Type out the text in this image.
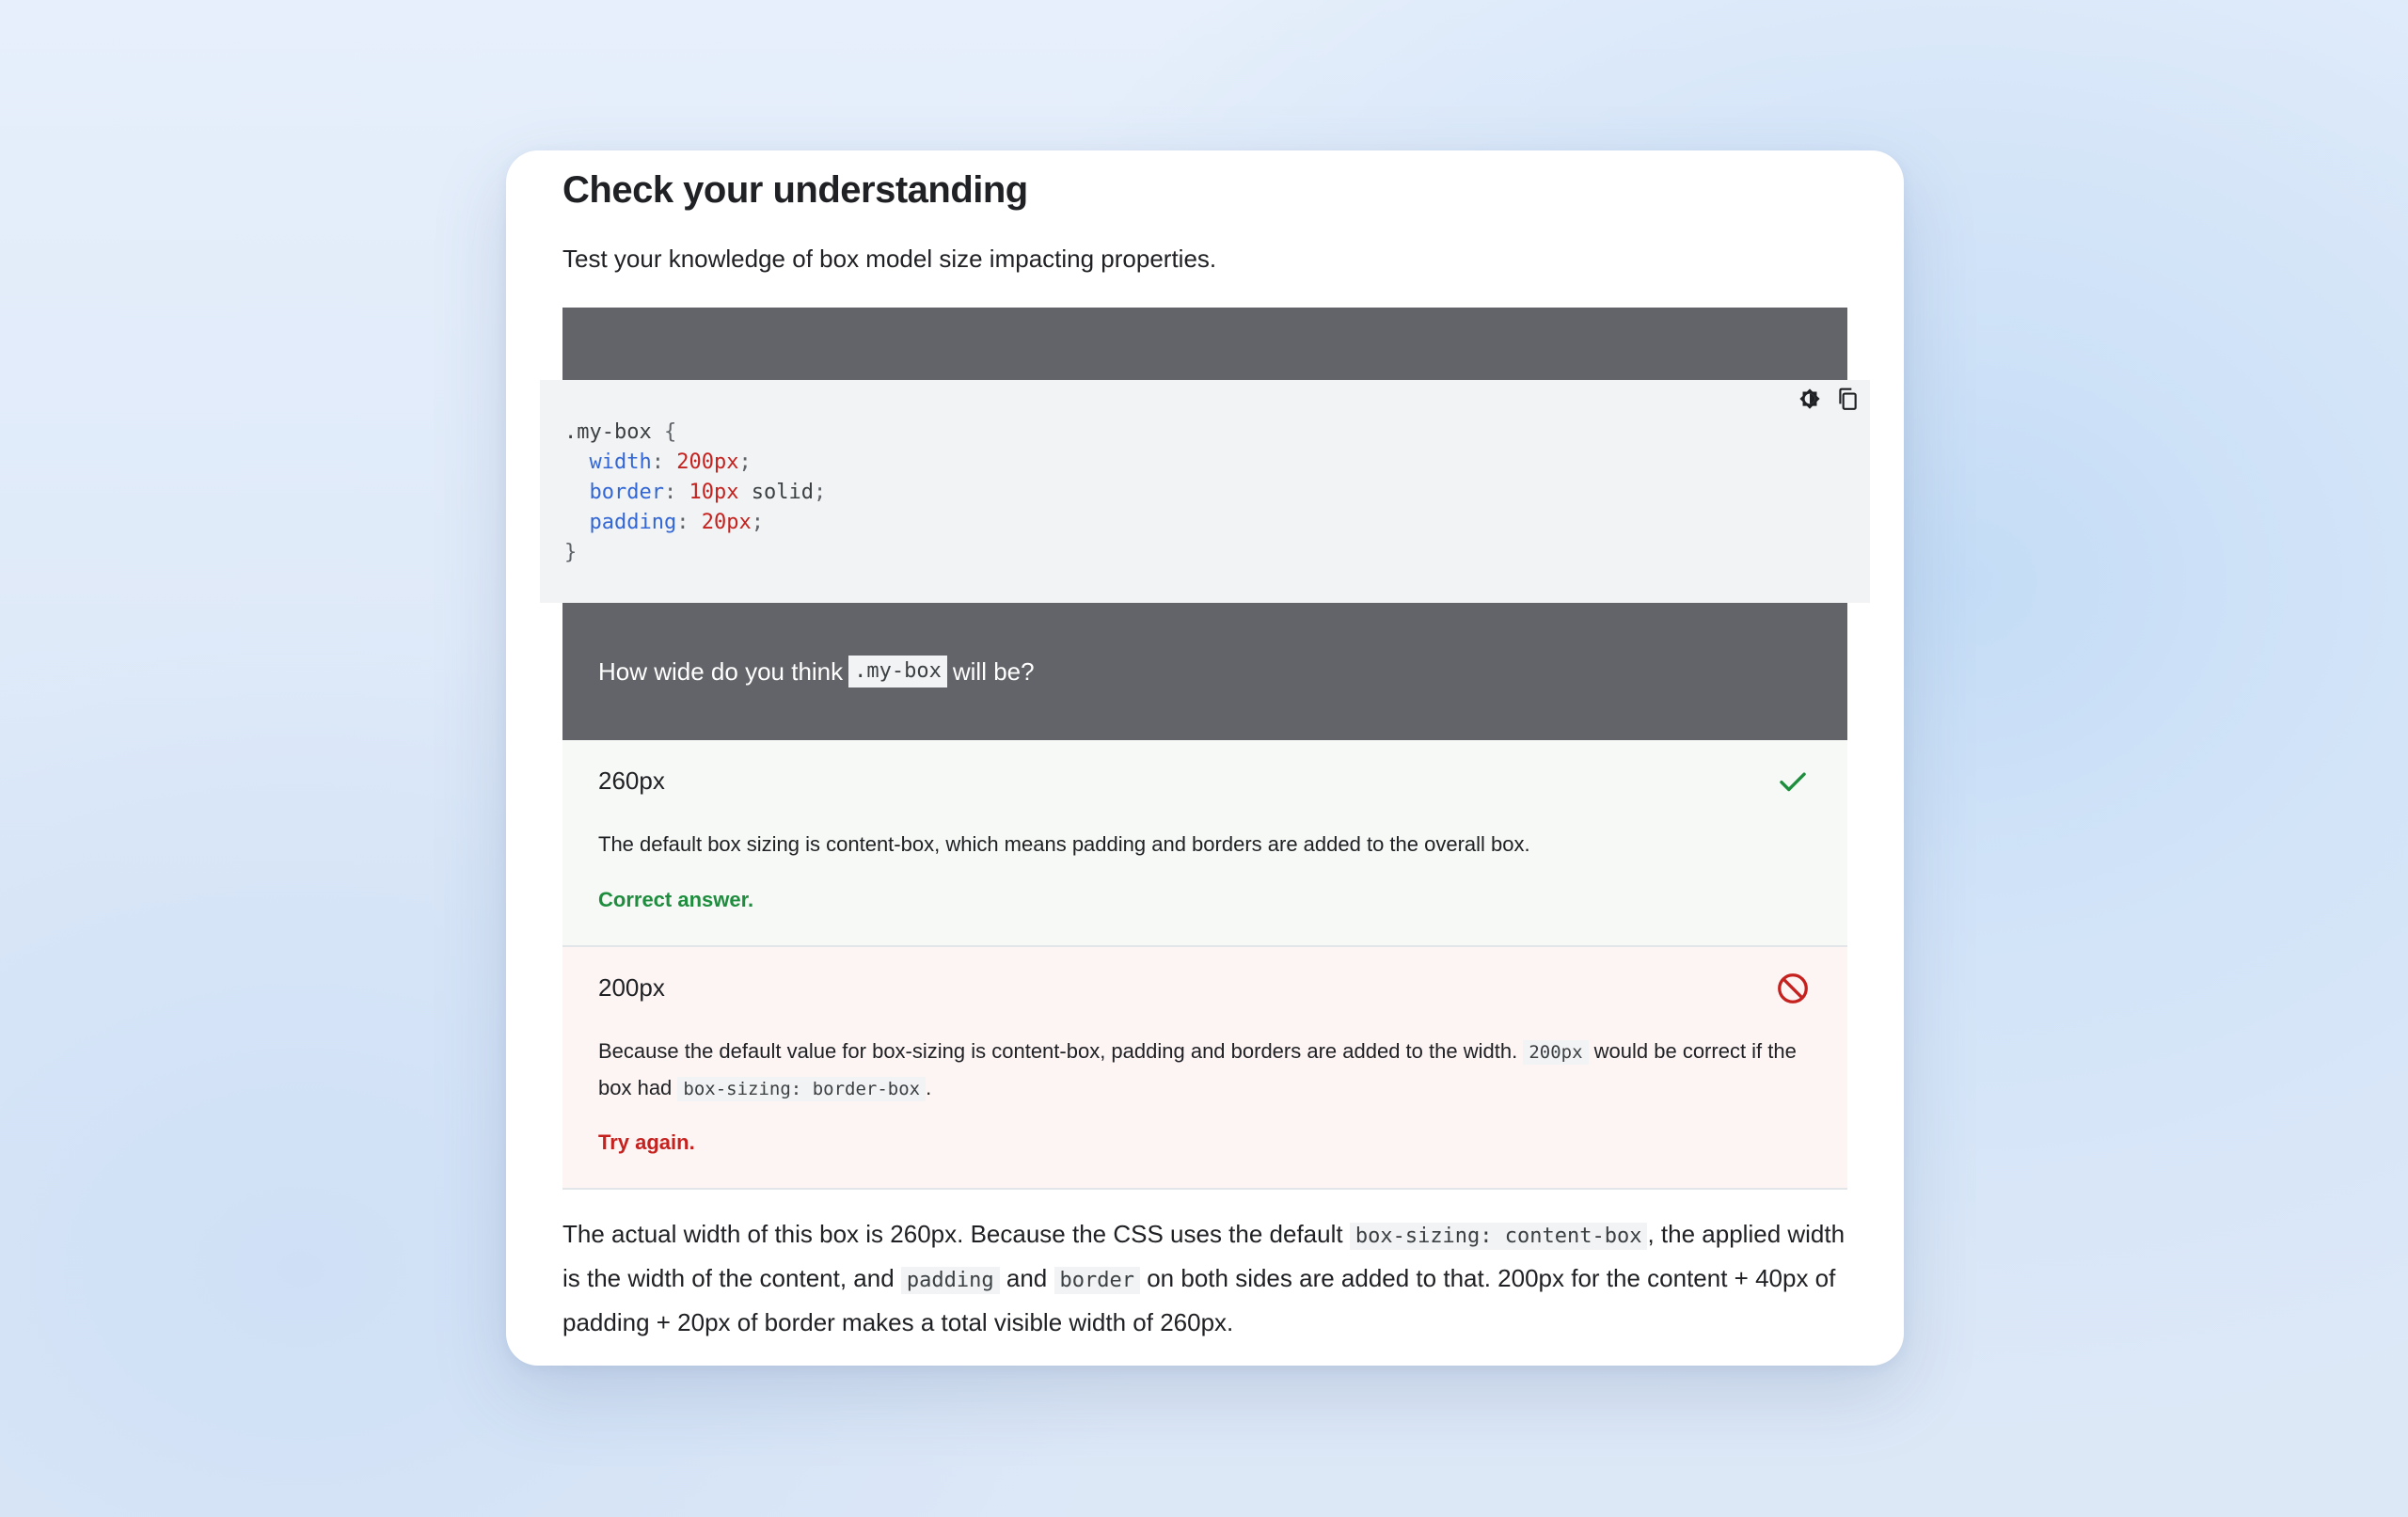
Check your understanding

Test your knowledge of box model size impacting properties.

.my-box {
width: 200px;
border: 10px solid;
padding: 20px;
}

How wide do you think .my-box will be?

260px

The default box sizing is content-box, which means padding and borders are added to the overall box.

Correct answer.

200px

Because the default value for box-sizing is content-box, padding and borders are added to the width. 200px would be correct if the box had box-sizing: border-box .

Try again.

The actual width of this box is 260px. Because the CSS uses the default box-sizing: content-box , the applied width is the width of the content, and padding and border on both sides are added to that. 200px for the content + 40px of padding + 20px of border makes a total visible width of 260px.
